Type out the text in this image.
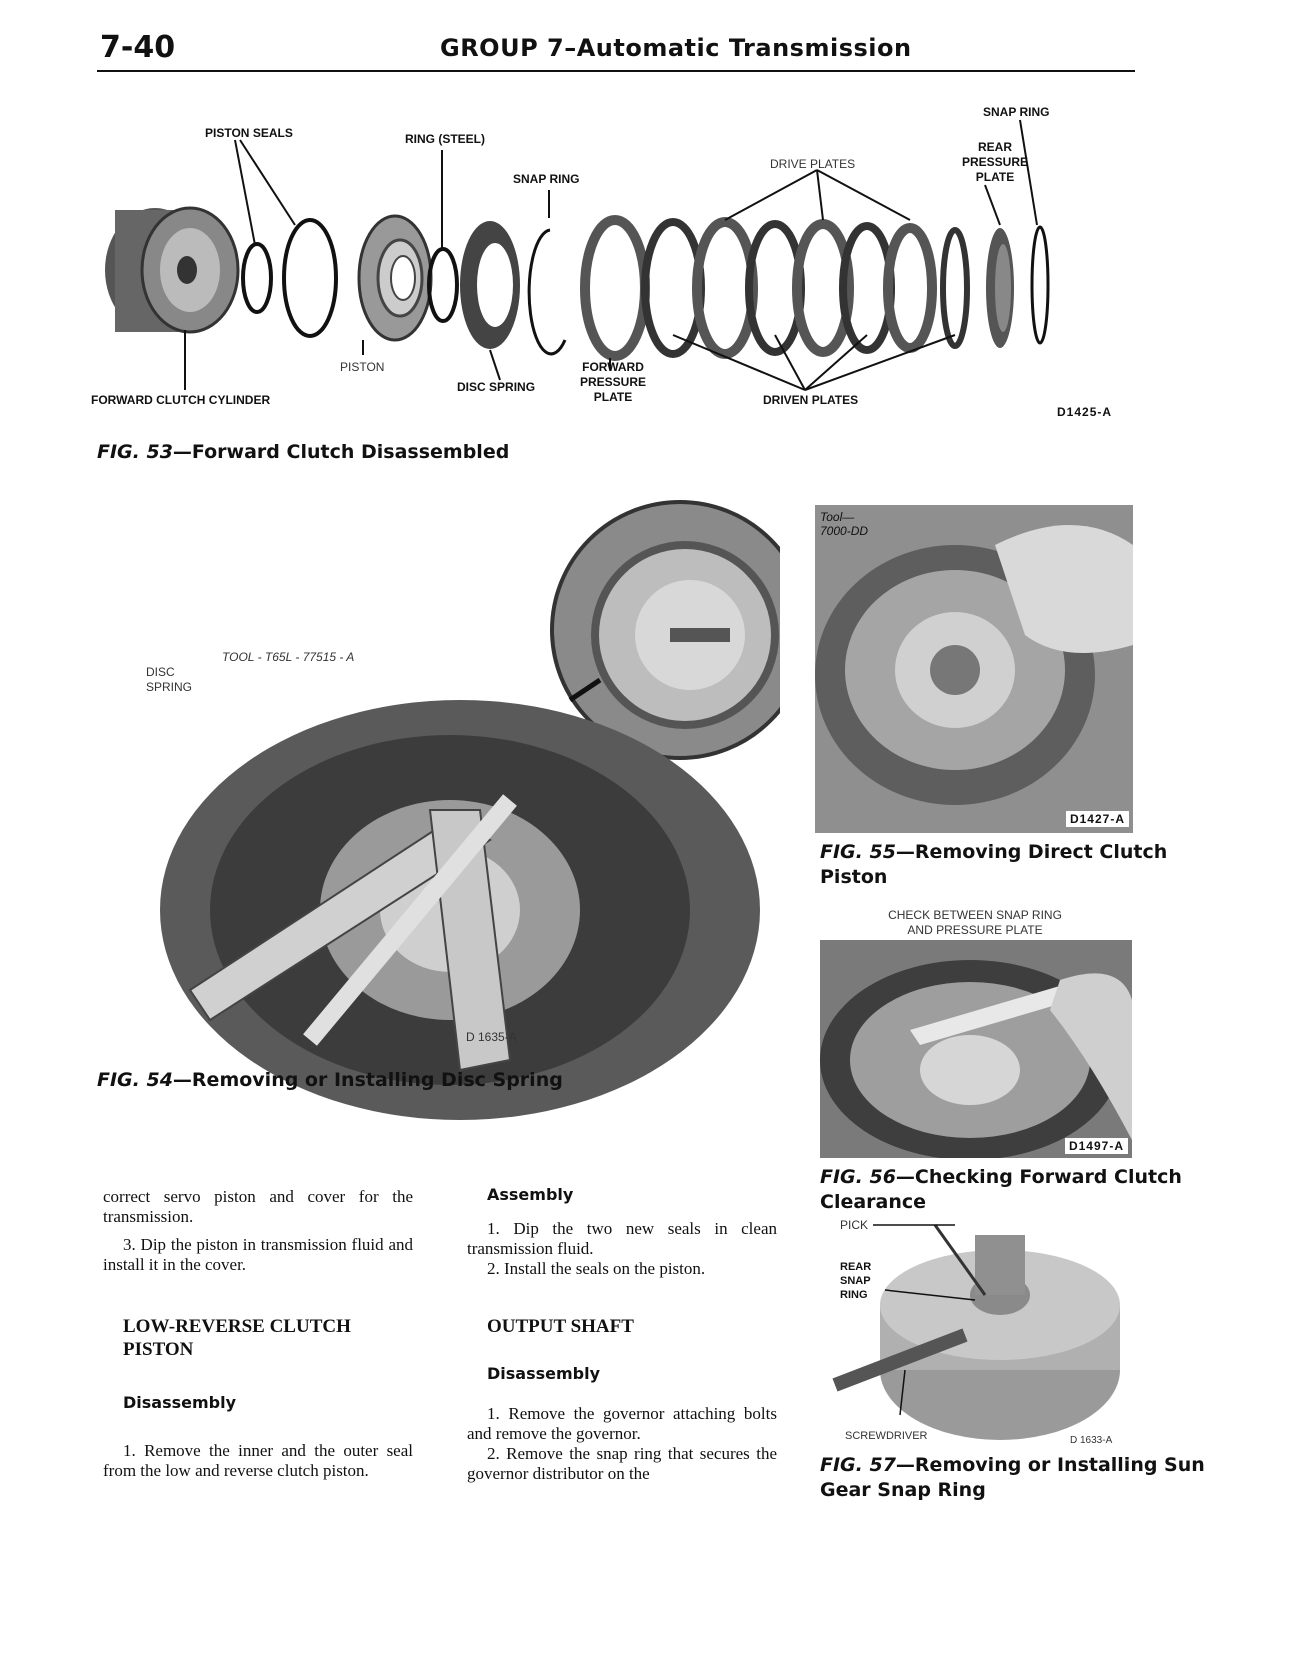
7-40	GROUP 7–Automatic Transmission
PISTON SEALS	RING (STEEL)
SNAP RING
DRIVE PLATES
REAR
PRESSURE
PLATE
SNAP RING
FORWARD CLUTCH CYLINDER
PISTON
DISC SPRING
FORWARD
PRESSURE
PLATE	DRIVEN PLATES
D1425-A
FIG. 53—Forward Clutch Disassembled
DISC
SPRING
TOOL - T65L - 77515 - A
D 1635-A
FIG. 54—Removing or Installing Disc Spring
Tool—
7000-DD
D1427-A
FIG. 55—Removing Direct Clutch
Piston
CHECK BETWEEN SNAP RING
AND PRESSURE PLATE
D1497-A
FIG. 56—Checking Forward Clutch
Clearance
PICK
REAR
SNAP
RING
SCREWDRIVER	D 1633-A
FIG. 57—Removing or Installing Sun
Gear Snap Ring

correct servo piston and cover for the transmission.

3. Dip the piston in transmission fluid and install it in the cover.

LOW-REVERSE CLUTCH
PISTON
Disassembly

1. Remove the inner and the outer seal from the low and reverse clutch piston.

Assembly

1. Dip the two new seals in clean transmission fluid.

2. Install the seals on the piston.

OUTPUT SHAFT
Disassembly

1. Remove the governor attaching bolts and remove the governor.

2. Remove the snap ring that secures the governor distributor on the
